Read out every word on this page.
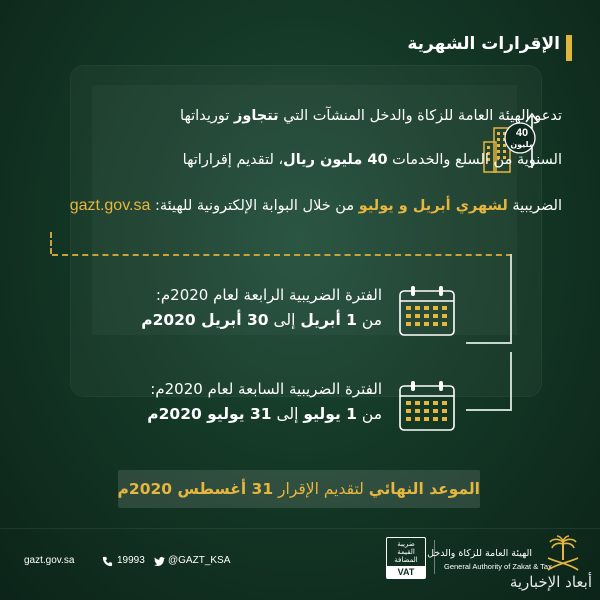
الإقرارات الشهرية
40
مليون
تدعو الهيئة العامة للزكاة والدخل المنشآت التي تتجاوز توريداتها
السنوية من السلع والخدمات 40 مليون ريال، لتقديم إقراراتها
الضريبية لشهري أبريل و يوليو من خلال البوابة الإلكترونية للهيئة: gazt.gov.sa
الفترة الضريبية الرابعة لعام 2020م:
من 1 أبريل إلى 30 أبريل 2020م
الفترة الضريبية السابعة لعام 2020م:
من 1 يوليو إلى 31 يوليو 2020م
الموعد النهائي لتقديم الإقرار 31 أغسطس 2020م
gazt.gov.sa	19993 @GAZT_KSA
ضريبة
القيمة
المضافة
VAT
الهيئة العامة للزكاة والدخل
General Authority of Zakat & Tax
أبعاد الإخبارية
